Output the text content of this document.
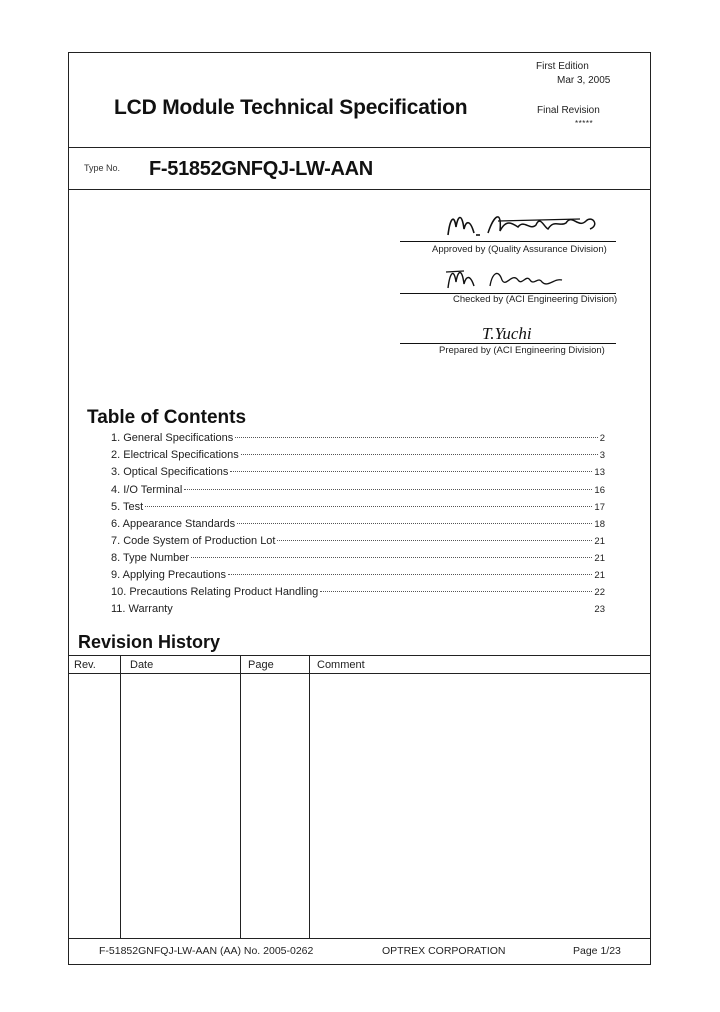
First Edition
Mar 3, 2005
LCD Module Technical Specification	Final Revision
*****
Type No. F-51852GNFQJ-LW-AAN
Approved by (Quality Assurance Division)
Checked by (ACI Engineering Division)
T.Yuchi
Prepared by (ACI Engineering Division)
Table of Contents
1. General Specifications	2
2. Electrical Specifications	3
3. Optical Specifications	13
4. I/O Terminal	16
5. Test	17
6. Appearance Standards	18
7. Code System of Production Lot	21
8. Type Number	21
9. Applying Precautions	21
10. Precautions Relating Product Handling	22
11. Warranty	23
Revision History
Rev.	Date	Page	Comment
F-51852GNFQJ-LW-AAN (AA) No. 2005-0262	OPTREX CORPORATION	Page 1/23
